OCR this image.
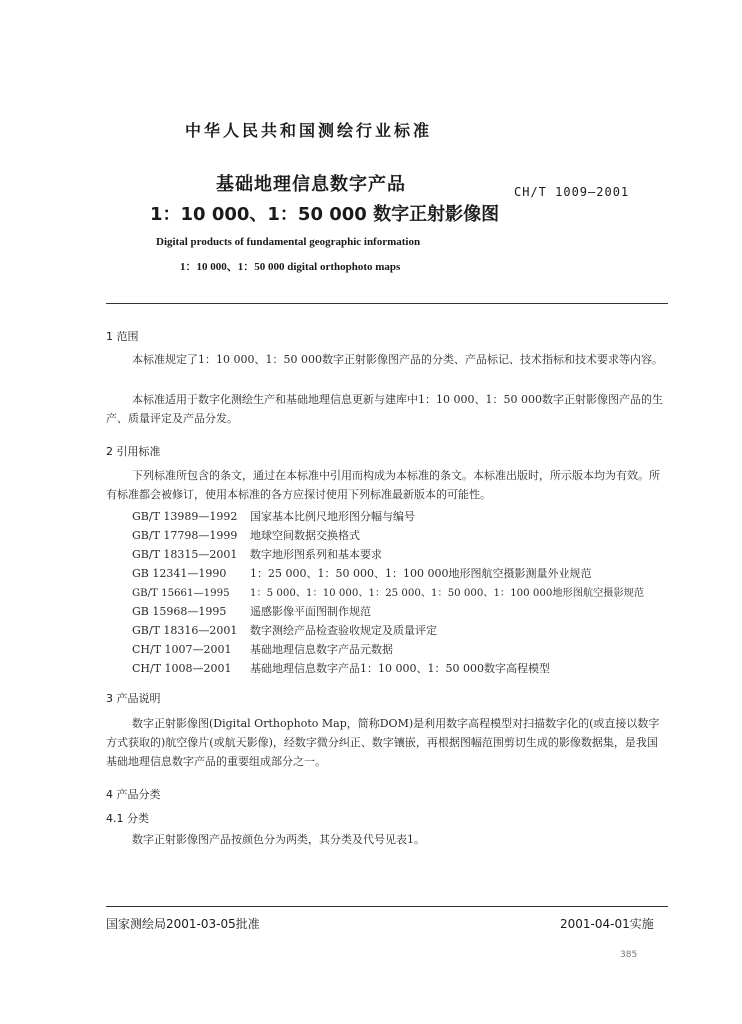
中华人民共和国测绘行业标准
基础地理信息数字产品
1：10 000、1：50 000 数字正射影像图
CH/T 1009—2001
Digital products of fundamental geographic information
1：10 000、1：50 000 digital orthophoto maps
1 范围
本标准规定了1：10 000、1：50 000数字正射影像图产品的分类、产品标记、技术指标和技术要求等内容。
本标准适用于数字化测绘生产和基础地理信息更新与建库中1：10 000、1：50 000数字正射影像图产品的生产、质量评定及产品分发。
2 引用标准
下列标准所包含的条文，通过在本标准中引用而构成为本标准的条文。本标准出版时，所示版本均为有效。所有标准都会被修订，使用本标准的各方应探讨使用下列标准最新版本的可能性。
GB/T 13989—1992 国家基本比例尺地形图分幅与编号
GB/T 17798—1999 地球空间数据交换格式
GB/T 18315—2001 数字地形图系列和基本要求
GB 12341—1990 1：25 000、1：50 000、1：100 000地形图航空摄影测量外业规范
GB/T 15661—1995 1：5 000、1：10 000、1：25 000、1：50 000、1：100 000地形图航空摄影规范
GB 15968—1995 遥感影像平面图制作规范
GB/T 18316—2001 数字测绘产品检查验收规定及质量评定
CH/T 1007—2001 基础地理信息数字产品元数据
CH/T 1008—2001 基础地理信息数字产品1：10 000、1：50 000数字高程模型
3 产品说明
数字正射影像图(Digital Orthophoto Map，简称DOM)是利用数字高程模型对扫描数字化的(或直接以数字方式获取的)航空像片(或航天影像)，经数字微分纠正、数字镶嵌，再根据图幅范围剪切生成的影像数据集，是我国基础地理信息数字产品的重要组成部分之一。
4 产品分类
4.1 分类
数字正射影像图产品按颜色分为两类，其分类及代号见表1。
国家测绘局2001-03-05批准	2001-04-01实施
385
